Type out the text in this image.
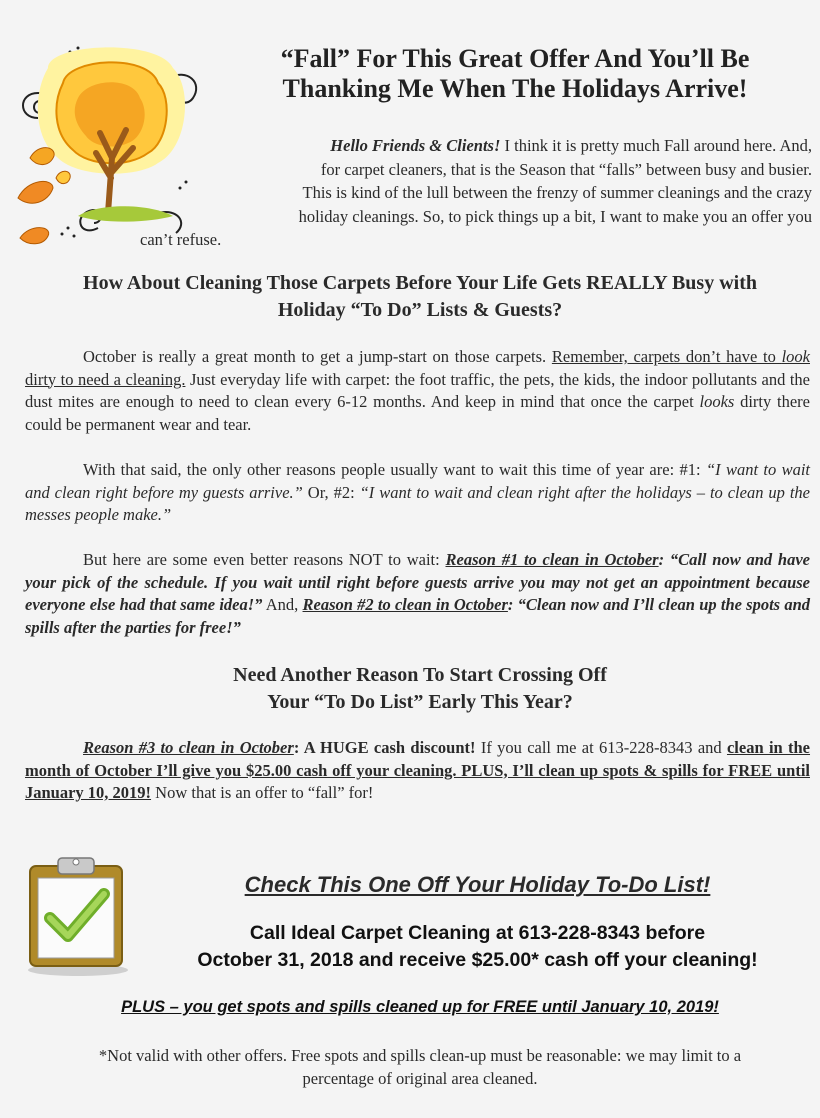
“Fall” For This Great Offer And You’ll Be
Thanking Me When The Holidays Arrive!
Hello Friends & Clients! I think it is pretty much Fall around here. And,
for carpet cleaners, that is the Season that “falls” between busy and busier.
This is kind of the lull between the frenzy of summer cleanings and the crazy
holiday cleanings. So, to pick things up a bit, I want to make you an offer you
can’t refuse.
How About Cleaning Those Carpets Before Your Life Gets REALLY Busy with
Holiday “To Do” Lists & Guests?
October is really a great month to get a jump-start on those carpets. Remember, carpets don’t have to look dirty to need a cleaning. Just everyday life with carpet: the foot traffic, the pets, the kids, the indoor pollutants and the dust mites are enough to need to clean every 6-12 months. And keep in mind that once the carpet looks dirty there could be permanent wear and tear.
With that said, the only other reasons people usually want to wait this time of year are: #1: “I want to wait and clean right before my guests arrive.” Or, #2: “I want to wait and clean right after the holidays – to clean up the messes people make.”
But here are some even better reasons NOT to wait: Reason #1 to clean in October: “Call now and have your pick of the schedule. If you wait until right before guests arrive you may not get an appointment because everyone else had that same idea!” And, Reason #2 to clean in October: “Clean now and I’ll clean up the spots and spills after the parties for free!”
Need Another Reason To Start Crossing Off
Your “To Do List” Early This Year?
Reason #3 to clean in October: A HUGE cash discount! If you call me at 613-228-8343 and clean in the month of October I’ll give you $25.00 cash off your cleaning. PLUS, I’ll clean up spots & spills for FREE until January 10, 2019! Now that is an offer to “fall” for!
Check This One Off Your Holiday To-Do List!
Call Ideal Carpet Cleaning at 613-228-8343 before
October 31, 2018 and receive $25.00* cash off your cleaning!
PLUS – you get spots and spills cleaned up for FREE until January 10, 2019!
*Not valid with other offers. Free spots and spills clean-up must be reasonable: we may limit to a
percentage of original area cleaned.
